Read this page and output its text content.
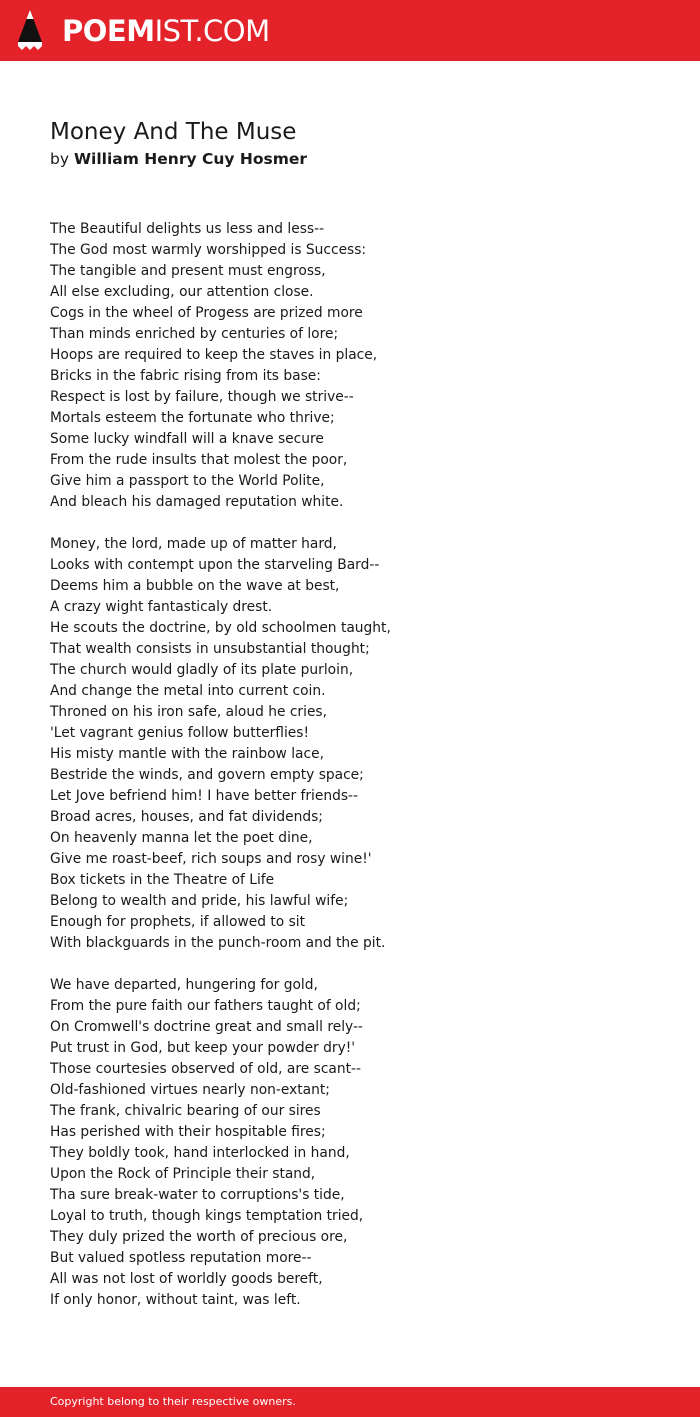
POEMIST.COM
Money And The Muse
by William Henry Cuy Hosmer
The Beautiful delights us less and less--
The God most warmly worshipped is Success:
The tangible and present must engross,
All else excluding, our attention close.
Cogs in the wheel of Progess are prized more
Than minds enriched by centuries of lore;
Hoops are required to keep the staves in place,
Bricks in the fabric rising from its base:
Respect is lost by failure, though we strive--
Mortals esteem the fortunate who thrive;
Some lucky windfall will a knave secure
From the rude insults that molest the poor,
Give him a passport to the World Polite,
And bleach his damaged reputation white.
Money, the lord, made up of matter hard,
Looks with contempt upon the starveling Bard--
Deems him a bubble on the wave at best,
A crazy wight fantasticaly drest.
He scouts the doctrine, by old schoolmen taught,
That wealth consists in unsubstantial thought;
The church would gladly of its plate purloin,
And change the metal into current coin.
Throned on his iron safe, aloud he cries,
'Let vagrant genius follow butterflies!
His misty mantle with the rainbow lace,
Bestride the winds, and govern empty space;
Let Jove befriend him! I have better friends--
Broad acres, houses, and fat dividends;
On heavenly manna let the poet dine,
Give me roast-beef, rich soups and rosy wine!'
Box tickets in the Theatre of Life
Belong to wealth and pride, his lawful wife;
Enough for prophets, if allowed to sit
With blackguards in the punch-room and the pit.
We have departed, hungering for gold,
From the pure faith our fathers taught of old;
On Cromwell's doctrine great and small rely--
Put trust in God, but keep your powder dry!'
Those courtesies observed of old, are scant--
Old-fashioned virtues nearly non-extant;
The frank, chivalric bearing of our sires
Has perished with their hospitable fires;
They boldly took, hand interlocked in hand,
Upon the Rock of Principle their stand,
Tha sure break-water to corruptions's tide,
Loyal to truth, though kings temptation tried,
They duly prized the worth of precious ore,
But valued spotless reputation more--
All was not lost of worldly goods bereft,
If only honor, without taint, was left.
Copyright belong to their respective owners.
